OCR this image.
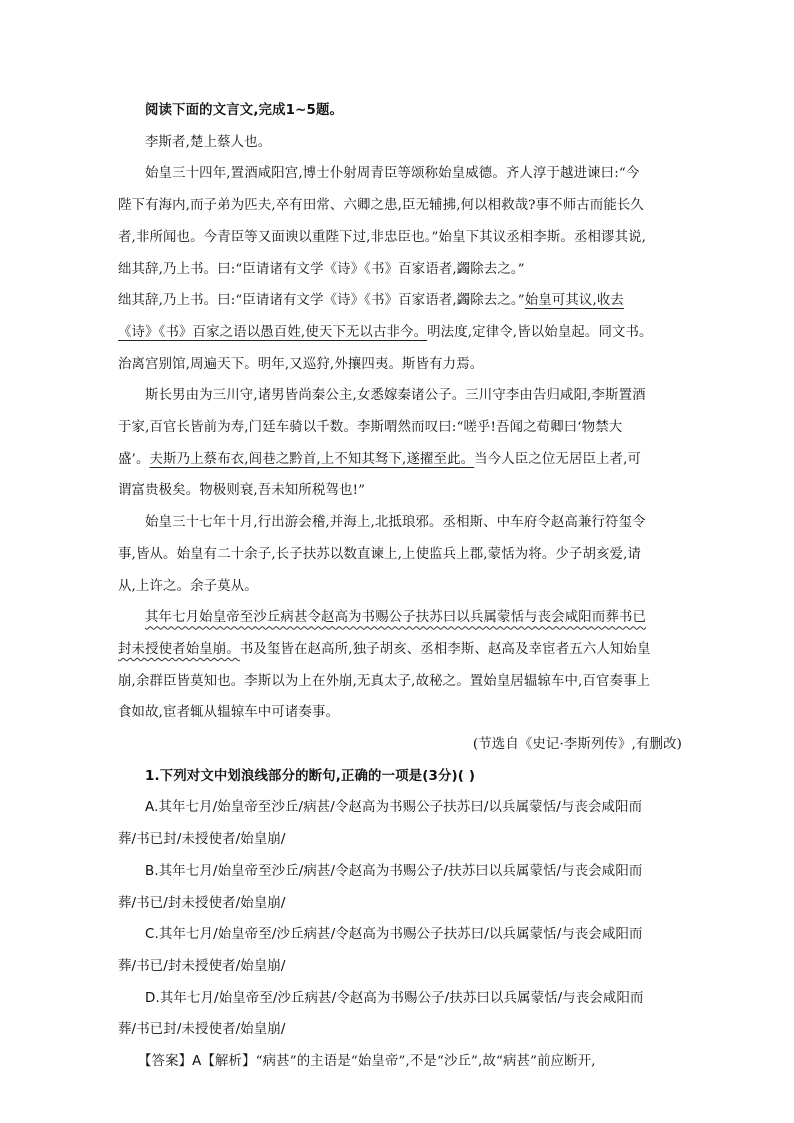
阅读下面的文言文,完成1~5题。
李斯者,楚上蔡人也。
始皇三十四年,置酒咸阳宫,博士仆射周青臣等颂称始皇威德。齐人淳于越进谏曰:“今
陛下有海内,而子弟为匹夫,卒有田常、六卿之患,臣无辅拂,何以相救哉?事不师古而能长久
者,非所闻也。今青臣等又面谀以重陛下过,非忠臣也。”始皇下其议丞相李斯。丞相谬其说,
绌其辞,乃上书。曰:“臣请诸有文学《诗》《书》百家语者,蠲除去之。”
绌其辞,乃上书。曰:“臣请诸有文学《诗》《书》百家语者,蠲除去之。”始皇可其议,收去
《诗》《书》百家之语以愚百姓,使天下无以古非今。明法度,定律令,皆以始皇起。同文书。
治离宫别馆,周遍天下。明年,又巡狩,外攘四夷。斯皆有力焉。
斯长男由为三川守,诸男皆尚秦公主,女悉嫁秦诸公子。三川守李由告归咸阳,李斯置酒
于家,百官长皆前为寿,门廷车骑以千数。李斯喟然而叹曰:“嗟乎!吾闻之荀卿曰‘物禁大
盛’。夫斯乃上蔡布衣,闾巷之黔首,上不知其驽下,遂擢至此。当今人臣之位无居臣上者,可
谓富贵极矣。物极则衰,吾未知所税驾也!”
始皇三十七年十月,行出游会稽,并海上,北抵琅邪。丞相斯、中车府令赵高兼行符玺令
事,皆从。始皇有二十余子,长子扶苏以数直谏上,上使监兵上郡,蒙恬为将。少子胡亥爱,请
从,上许之。余子莫从。
其年七月始皇帝至沙丘病甚令赵高为书赐公子扶苏曰以兵属蒙恬与丧会咸阳而葬书已
封未授使者始皇崩。书及玺皆在赵高所,独子胡亥、丞相李斯、赵高及幸宦者五六人知始皇
崩,余群臣皆莫知也。李斯以为上在外崩,无真太子,故秘之。置始皇居辒辌车中,百官奏事上
食如故,宦者辄从辒辌车中可诸奏事。
(节选自《史记·李斯列传》,有删改)
1.下列对文中划浪线部分的断句,正确的一项是(3分)( )
A.其年七月/始皇帝至沙丘/病甚/令赵高为书赐公子扶苏曰/以兵属蒙恬/与丧会咸阳而
葬/书已封/未授使者/始皇崩/
B.其年七月/始皇帝至沙丘/病甚/令赵高为书赐公子/扶苏曰以兵属蒙恬/与丧会咸阳而
葬/书已/封未授使者/始皇崩/
C.其年七月/始皇帝至/沙丘病甚/令赵高为书赐公子扶苏曰/以兵属蒙恬/与丧会咸阳而
葬/书已/封未授使者/始皇崩/
D.其年七月/始皇帝至/沙丘病甚/令赵高为书赐公子/扶苏曰以兵属蒙恬/与丧会咸阳而
葬/书已封/未授使者/始皇崩/
【答案】A【解析】“病甚”的主语是“始皇帝”,不是“沙丘”,故“病甚”前应断开,
